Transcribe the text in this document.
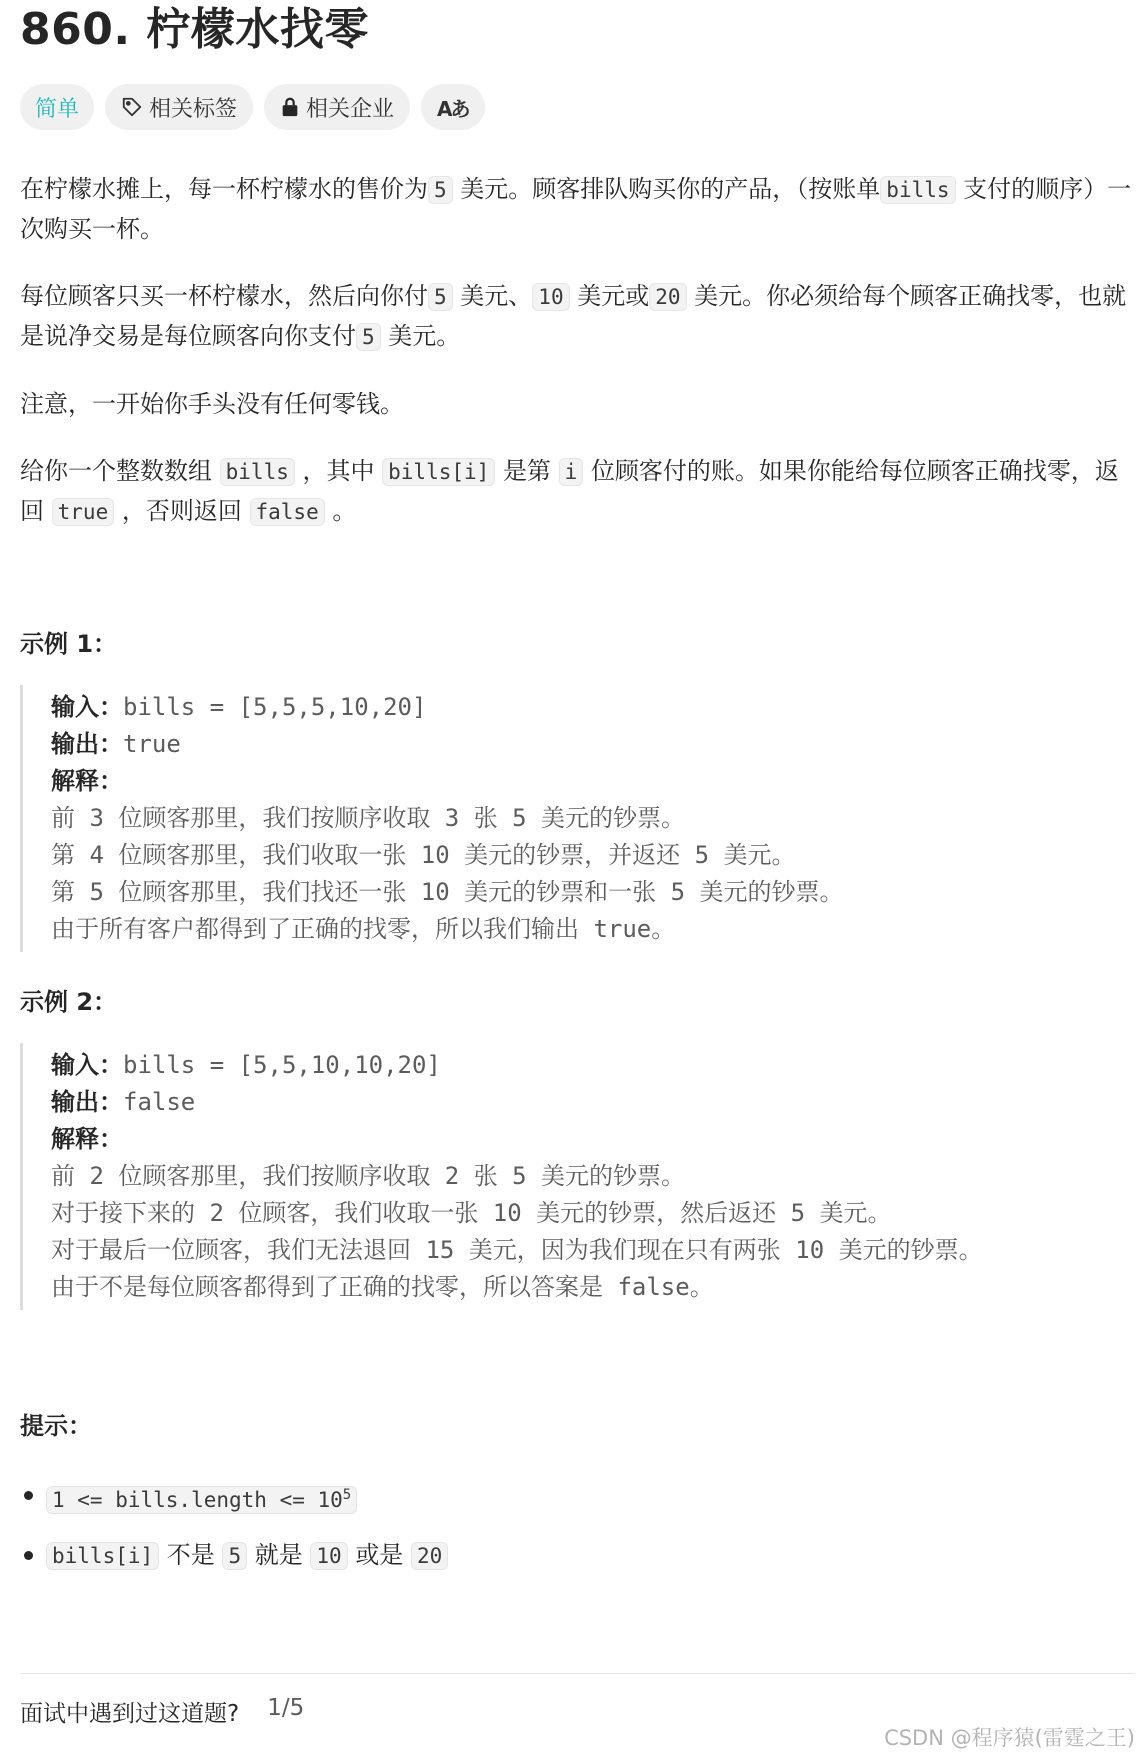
860. 柠檬水找零
简单	相关标签	相关企业 Aあ

在柠檬水摊上，每一杯柠檬水的售价为 5 美元。顾客排队购买你的产品，（按账单 bills 支付的顺序）一次购买一杯。

每位顾客只买一杯柠檬水，然后向你付 5 美元、 10 美元或 20 美元。你必须给每个顾客正确找零，也就是说净交易是每位顾客向你支付 5 美元。

注意，一开始你手头没有任何零钱。

给你一个整数数组 bills ，其中 bills[i] 是第 i 位顾客付的账。如果你能给每位顾客正确找零，返回 true ，否则返回 false 。

示例 1：

输入：bills = [5,5,5,10,20]
输出：true
解释：
前 3 位顾客那里，我们按顺序收取 3 张 5 美元的钞票。
第 4 位顾客那里，我们收取一张 10 美元的钞票，并返还 5 美元。
第 5 位顾客那里，我们找还一张 10 美元的钞票和一张 5 美元的钞票。
由于所有客户都得到了正确的找零，所以我们输出 true。

示例 2：

输入：bills = [5,5,10,10,20]
输出：false
解释：
前 2 位顾客那里，我们按顺序收取 2 张 5 美元的钞票。
对于接下来的 2 位顾客，我们收取一张 10 美元的钞票，然后返还 5 美元。
对于最后一位顾客，我们无法退回 15 美元，因为我们现在只有两张 10 美元的钞票。
由于不是每位顾客都得到了正确的找零，所以答案是 false。

提示：

1 <= bills.length <= $10^5$
bills[i] 不是 5 就是 10 或是 20
面试中遇到过这道题? 1/5
CSDN @程序猿(雷霆之王)
